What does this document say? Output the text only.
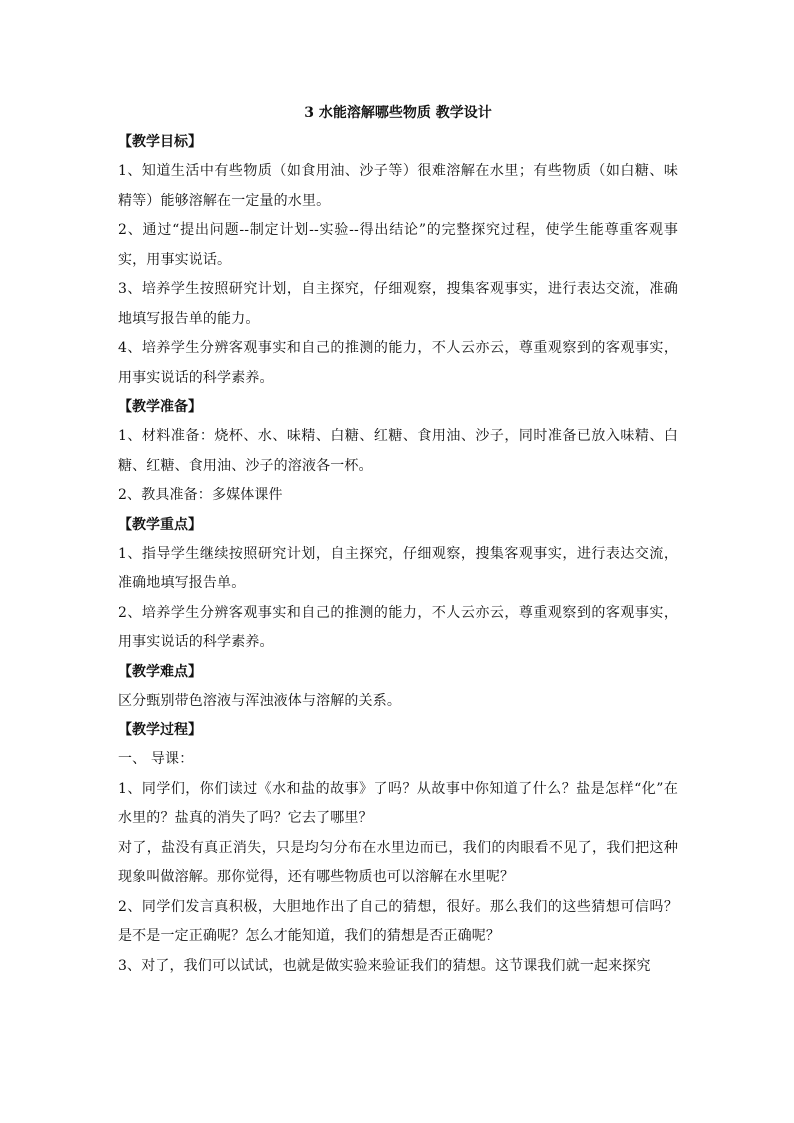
3 水能溶解哪些物质 教学设计

【教学目标】

1、知道生活中有些物质（如食用油、沙子等）很难溶解在水里；有些物质（如白糖、味精等）能够溶解在一定量的水里。

2、通过“提出问题--制定计划--实验--得出结论”的完整探究过程，使学生能尊重客观事实，用事实说话。

3、培养学生按照研究计划，自主探究，仔细观察，搜集客观事实，进行表达交流，准确地填写报告单的能力。

4、培养学生分辨客观事实和自己的推测的能力，不人云亦云，尊重观察到的客观事实，用事实说话的科学素养。

【教学准备】

1、材料准备：烧杯、水、味精、白糖、红糖、食用油、沙子，同时准备已放入味精、白糖、红糖、食用油、沙子的溶液各一杯。

2、教具准备：多媒体课件

【教学重点】

1、指导学生继续按照研究计划，自主探究，仔细观察，搜集客观事实，进行表达交流，准确地填写报告单。

2、培养学生分辨客观事实和自己的推测的能力，不人云亦云，尊重观察到的客观事实，用事实说话的科学素养。

【教学难点】

区分甄别带色溶液与浑浊液体与溶解的关系。

【教学过程】

一、 导课：

1、同学们，你们读过《水和盐的故事》了吗？从故事中你知道了什么？盐是怎样“化”在水里的？盐真的消失了吗？它去了哪里？

对了，盐没有真正消失，只是均匀分布在水里边而已，我们的肉眼看不见了，我们把这种现象叫做溶解。那你觉得，还有哪些物质也可以溶解在水里呢？

2、同学们发言真积极，大胆地作出了自己的猜想，很好。那么我们的这些猜想可信吗？是不是一定正确呢？怎么才能知道，我们的猜想是否正确呢？

3、对了，我们可以试试，也就是做实验来验证我们的猜想。这节课我们就一起来探究
